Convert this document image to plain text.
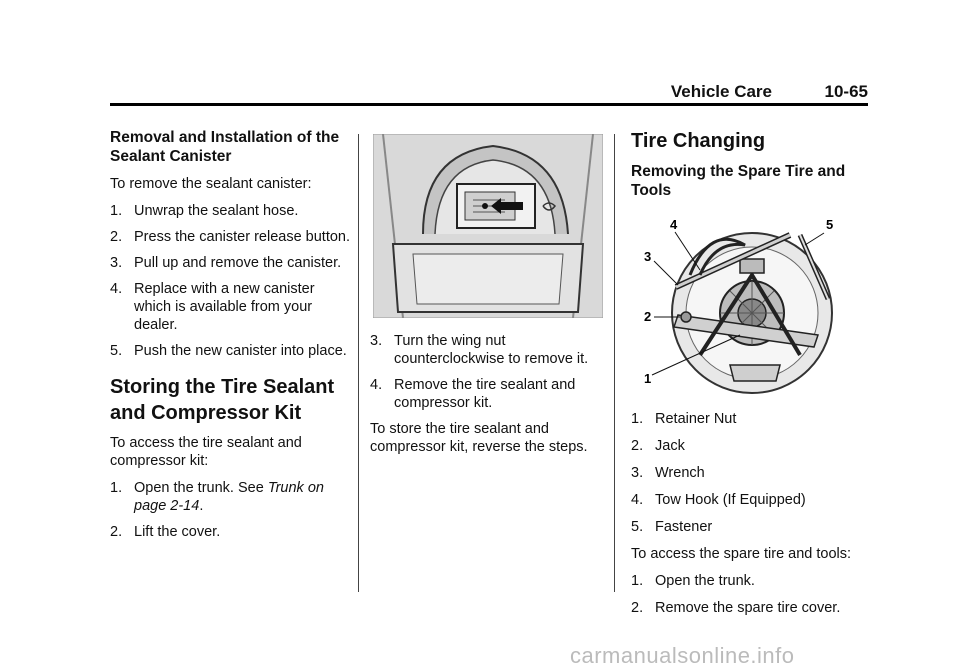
Vehicle Care	10-65
Removal and Installation of the Sealant Canister

To remove the sealant canister:

1. Unwrap the sealant hose.
2. Press the canister release button.
3. Pull up and remove the canister.
4. Replace with a new canister which is available from your dealer.
5. Push the new canister into place.
Storing the Tire Sealant and Compressor Kit

To access the tire sealant and compressor kit:

1. Open the trunk. See Trunk on page 2-14.
2. Lift the cover.
3. Turn the wing nut counterclockwise to remove it.
4. Remove the tire sealant and compressor kit.

To store the tire sealant and compressor kit, reverse the steps.

Tire Changing
Removing the Spare Tire and Tools
4	5
3
2
1
1. Retainer Nut
2. Jack
3. Wrench
4. Tow Hook (If Equipped)
5. Fastener

To access the spare tire and tools:

1. Open the trunk.
2. Remove the spare tire cover.
carmanualsonline.info
